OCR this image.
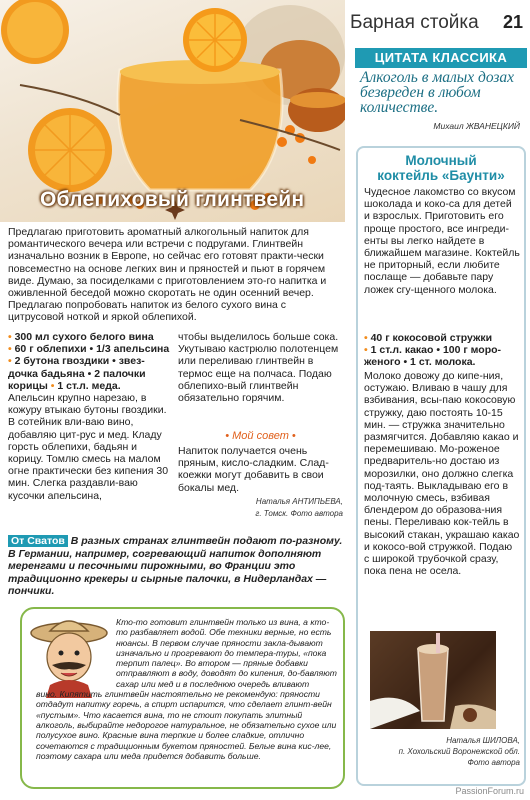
Облепиховый глинтвейн
Барная стойка 21
ЦИТАТА КЛАССИКА
Алкоголь в малых дозах безвреден в любом количестве.
Михаил ЖВАНЕЦКИЙ
Предлагаю приготовить ароматный алкогольный напиток для романтического вечера или встречи с подругами. Глинтвейн изначально возник в Европе, но сейчас его готовят практи-чески повсеместно на основе легких вин и пряностей и пьют в горячем виде. Думаю, за посиделками с приготовлением это-го напитка и оживленной беседой можно скоротать не один осенний вечер. Предлагаю попробовать напиток из белого сухого вина с цитрусовой ноткой и яркой облепихой.
• 300 мл сухого белого вина
• 60 г облепихи • 1/3 апельсина
• 2 бутона гвоздики • звез-дочка бадьяна • 2 палочки корицы • 1 ст.л. меда.
Апельсин крупно нарезаю, в кожуру втыкаю бутоны гвоздики. В сотейник вли-ваю вино, добавляю цит-рус и мед. Кладу горсть облепихи, бадьян и корицу. Томлю смесь на малом огне практически без кипения 30 мин. Слегка раздавли-ваю кусочки апельсина,
чтобы выделилось больше сока. Укутываю кастрюлю полотенцем или переливаю глинтвейн в термос еще на полчаса. Подаю облепихо-вый глинтвейн обязательно горячим.
• Мой совет •
Напиток получается очень пряным, кисло-сладким. Слад-коежки могут добавить в свои бокалы мед.
Наталья АНТИПЬЕВА,
г. Томск. Фото автора
От Сватов В разных странах глинтвейн подают по-разному. В Германии, например, согревающий напиток дополняют меренгами и песочными пирожными, во Франции это традиционно крекеры и сырные палочки, в Нидерландах — пончики.
Кто-то готовит глинтвейн только из вина, а кто-то разбавляет водой. Обе техники верные, но есть нюансы. В первом случае пряности закла-дывают изначально и прогревают до темпера-туры, «пока терпит палец». Во втором — пряные добавки отправляют в воду, доводят до кипения, до-бавляют сахар или мед и в последнюю очередь вливают
вино. Кипятить глинтвейн настоятельно не рекомендую: пряности отдадут напитку горечь, а спирт испарится, что сделает глинт-вейн «пустым». Что касается вина, то не стоит покупать элитный алкоголь, выбирайте недорогое натуральное, не обязательно сухое или полусухое вино. Красные вина терпкие и более сладкие, отлично сочетаются с традиционным букетом пряностей. Белые вина кис-лее, поэтому сахара или меда придется добавить больше.
Молочный
коктейль «Баунти»
Чудесное лакомство со вкусом шоколада и коко-са для детей и взрослых. Приготовить его проще простого, все ингреди-енты вы легко найдете в ближайшем магазине. Коктейль не приторный, если любите послаще — добавьте пару ложек сгу-щенного молока.
• 40 г кокосовой стружки
• 1 ст.л. какао • 100 г моро-женого • 1 ст. молока.
Молоко довожу до кипе-ния, остужаю. Вливаю в чашу для взбивания, всы-паю кокосовую стружку, даю постоять 10-15 мин. — стружка значительно размягчится. Добавляю какао и перемешиваю. Мо-роженое предваритель-но достаю из морозилки, оно должно слегка под-таять. Выкладываю его в молочную смесь, взбивая блендером до образова-ния пены. Переливаю кок-тейль в высокий стакан, украшаю какао и кокосо-вой стружкой. Подаю с широкой трубочкой сразу, пока пена не осела.
Наталья ШИЛОВА,
п. Хохольский Воронежской обл.
Фото автора
PassionForum.ru
